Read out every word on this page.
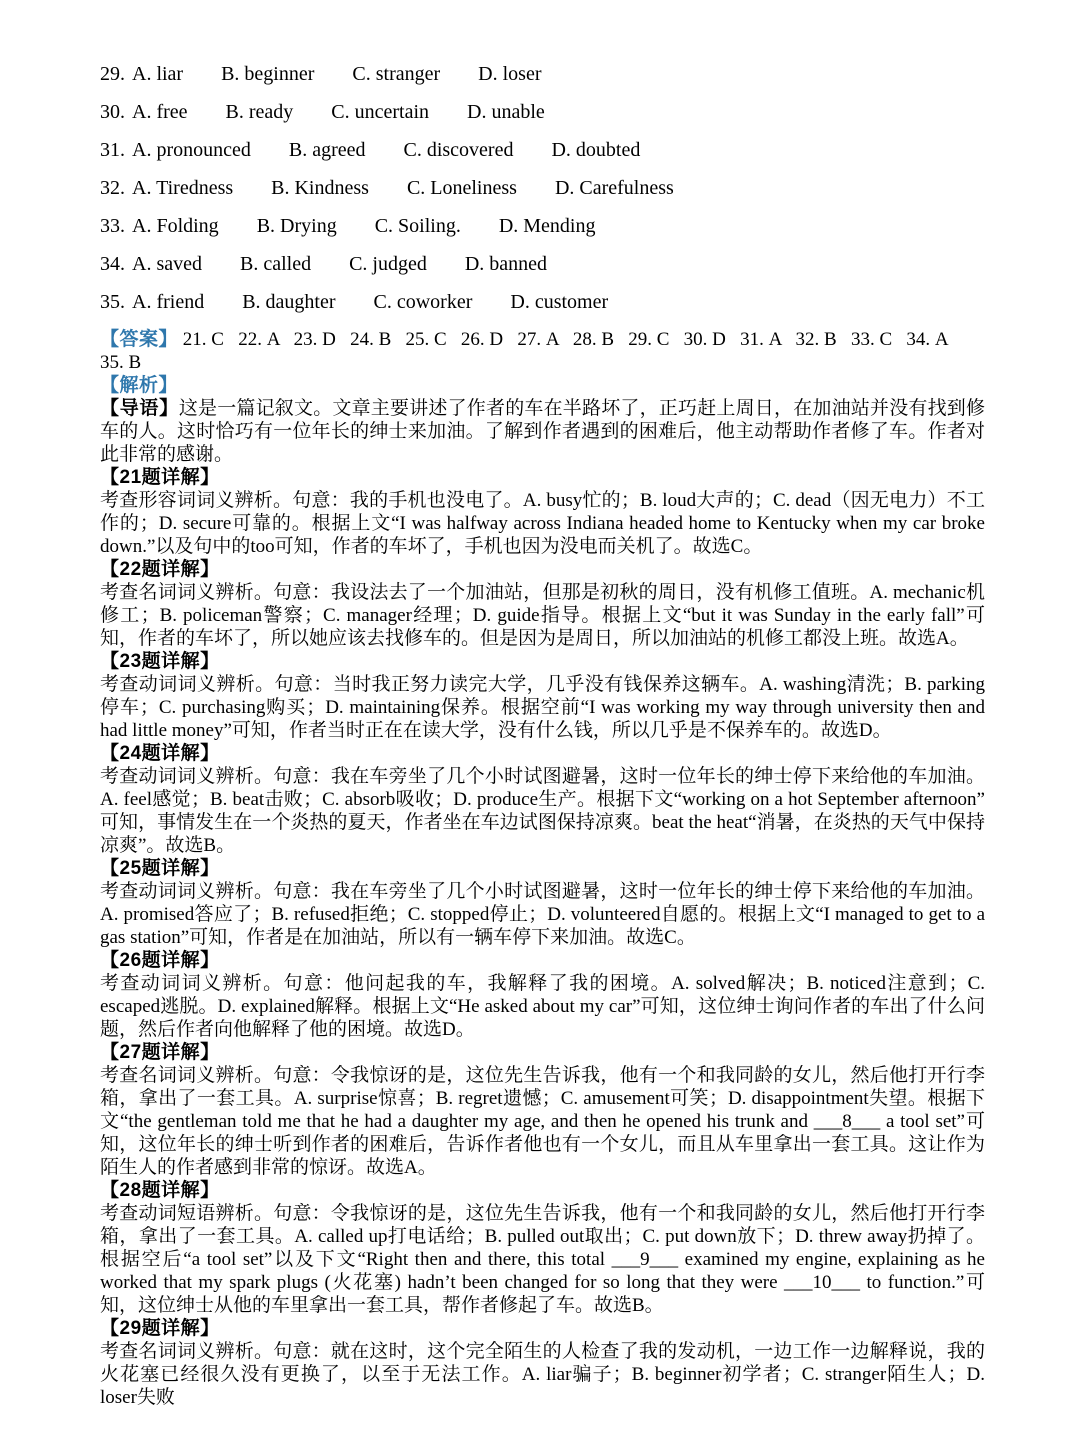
29. A. liar B. beginner C. stranger D. loser
30. A. free B. ready C. uncertain D. unable
31. A. pronounced B. agreed C. discovered D. doubted
32. A. Tiredness B. Kindness C. Loneliness D. Carefulness
33. A. Folding B. Drying C. Soiling. D. Mending
34. A. saved B. called C. judged D. banned
35. A. friend B. daughter C. coworker D. customer

【答案】 21. C   22. A   23. D   24. B   25. C   26. D   27. A   28. B   29. C   30. D   31. A   32. B   33. C   34. A   35. B

【解析】

【导语】这是一篇记叙文。文章主要讲述了作者的车在半路坏了，正巧赶上周日，在加油站并没有找到修车的人。这时恰巧有一位年长的绅士来加油。了解到作者遇到的困难后，他主动帮助作者修了车。作者对此非常的感谢。

【21题详解】

考查形容词词义辨析。句意：我的手机也没电了。A. busy忙的；B. loud大声的；C. dead（因无电力）不工作的；D. secure可靠的。根据上文“I was halfway across Indiana headed home to Kentucky when my car broke down.”以及句中的too可知，作者的车坏了，手机也因为没电而关机了。故选C。

【22题详解】

考查名词词义辨析。句意：我设法去了一个加油站，但那是初秋的周日，没有机修工值班。A. mechanic机修工；B. policeman警察；C. manager经理；D. guide指导。根据上文“but it was Sunday in the early fall”可知，作者的车坏了，所以她应该去找修车的。但是因为是周日，所以加油站的机修工都没上班。故选A。

【23题详解】

考查动词词义辨析。句意：当时我正努力读完大学，几乎没有钱保养这辆车。A. washing清洗；B. parking停车；C. purchasing购买；D. maintaining保养。根据空前“I was working my way through university then and had little money”可知，作者当时正在在读大学，没有什么钱，所以几乎是不保养车的。故选D。

【24题详解】

考查动词词义辨析。句意：我在车旁坐了几个小时试图避暑，这时一位年长的绅士停下来给他的车加油。A. feel感觉；B. beat击败；C. absorb吸收；D. produce生产。根据下文“working on a hot September afternoon”可知，事情发生在一个炎热的夏天，作者坐在车边试图保持凉爽。beat the heat“消暑，在炎热的天气中保持凉爽”。故选B。

【25题详解】

考查动词词义辨析。句意：我在车旁坐了几个小时试图避暑，这时一位年长的绅士停下来给他的车加油。A. promised答应了；B. refused拒绝；C. stopped停止；D. volunteered自愿的。根据上文“I managed to get to a gas station”可知，作者是在加油站，所以有一辆车停下来加油。故选C。

【26题详解】

考查动词词义辨析。句意：他问起我的车，我解释了我的困境。A. solved解决；B. noticed注意到；C. escaped逃脱。D. explained解释。根据上文“He asked about my car”可知，这位绅士询问作者的车出了什么问题，然后作者向他解释了他的困境。故选D。

【27题详解】

考查名词词义辨析。句意：令我惊讶的是，这位先生告诉我，他有一个和我同龄的女儿，然后他打开行李箱，拿出了一套工具。A. surprise惊喜；B. regret遗憾；C. amusement可笑；D. disappointment失望。根据下文“the gentleman told me that he had a daughter my age, and then he opened his trunk and ___8___ a tool set”可知，这位年长的绅士听到作者的困难后，告诉作者他也有一个女儿，而且从车里拿出一套工具。这让作为陌生人的作者感到非常的惊讶。故选A。

【28题详解】

考查动词短语辨析。句意：令我惊讶的是，这位先生告诉我，他有一个和我同龄的女儿，然后他打开行李箱，拿出了一套工具。A. called up打电话给；B. pulled out取出；C. put down放下；D. threw away扔掉了。根据空后“a tool set”以及下文“Right then and there, this total ___9___ examined my engine, explaining as he worked that my spark plugs (火花塞) hadn’t been changed for so long that they were ___10___ to function.”可知，这位绅士从他的车里拿出一套工具，帮作者修起了车。故选B。

【29题详解】

考查名词词义辨析。句意：就在这时，这个完全陌生的人检查了我的发动机，一边工作一边解释说，我的火花塞已经很久没有更换了，以至于无法工作。A. liar骗子；B. beginner初学者；C. stranger陌生人；D. loser失败
